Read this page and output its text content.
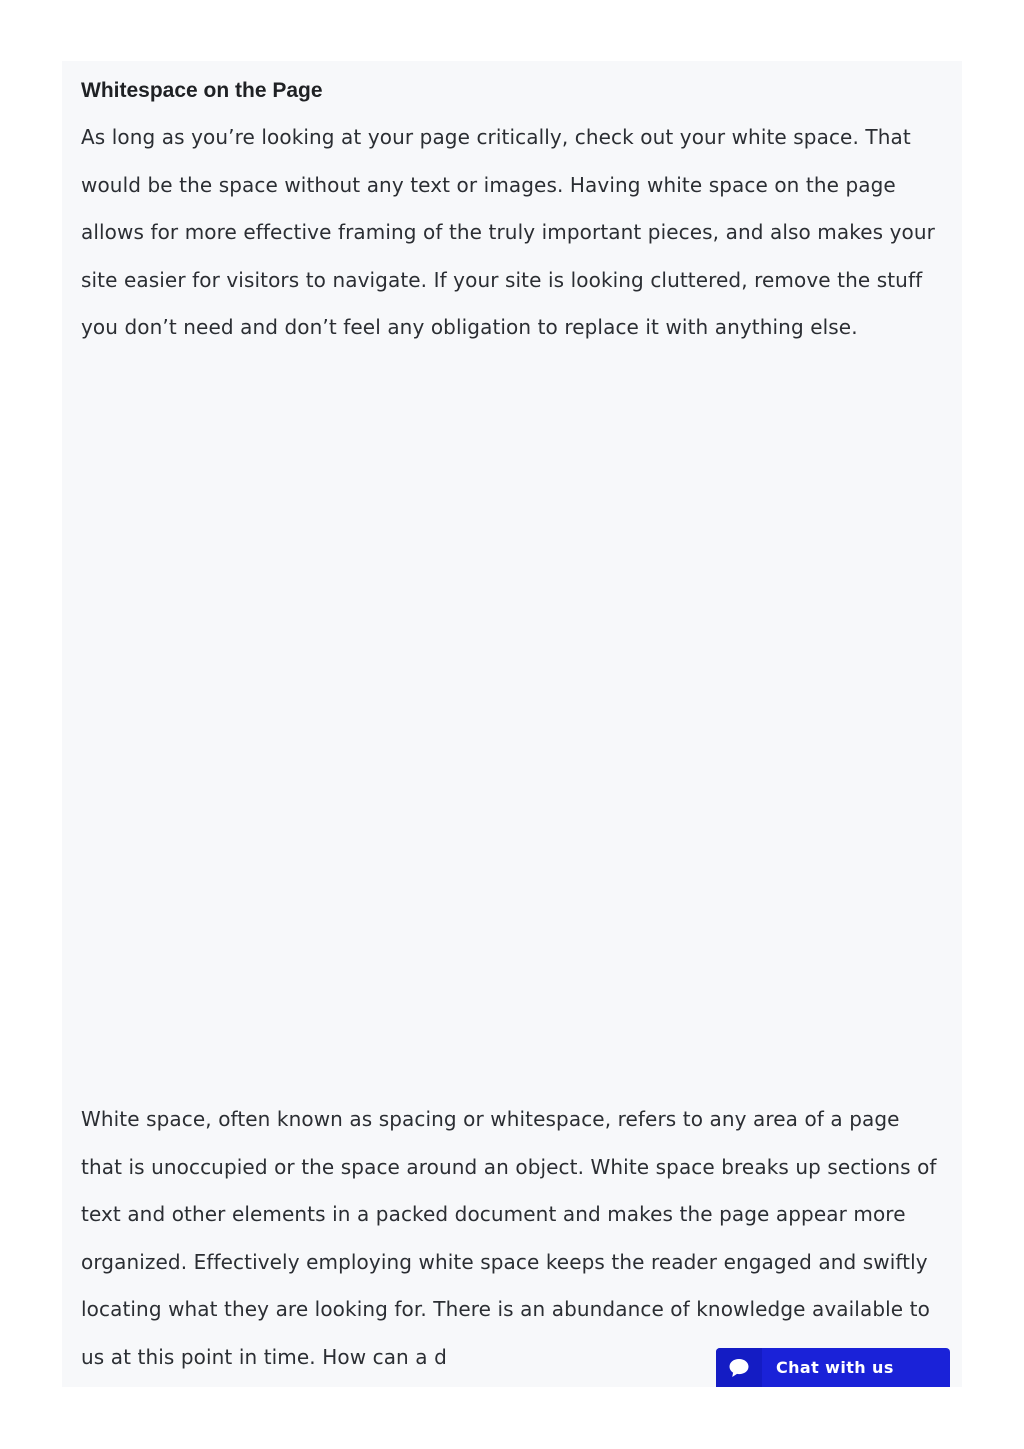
Whitespace on the Page

As long as you’re looking at your page critically, check out your white space. That would be the space without any text or images. Having white space on the page allows for more effective framing of the truly important pieces, and also makes your site easier for visitors to navigate. If your site is looking cluttered, remove the stuff you don’t need and don’t feel any obligation to replace it with anything else.

White space, often known as spacing or whitespace, refers to any area of a page that is unoccupied or the space around an object. White space breaks up sections of text and other elements in a packed document and makes the page appear more organized. Effectively employing white space keeps the reader engaged and swiftly locating what they are looking for. There is an abundance of knowledge available to us at this point in time. How can a d	Chat with us
